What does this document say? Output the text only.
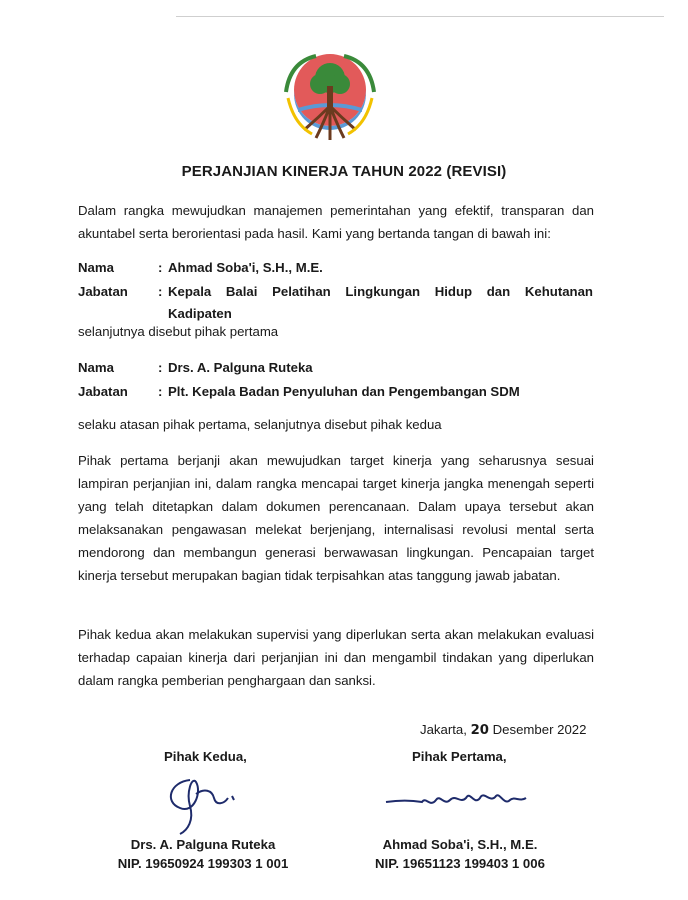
PERJANJIAN KINERJA TAHUN 2022 (REVISI)
Dalam rangka mewujudkan manajemen pemerintahan yang efektif, transparan dan akuntabel serta berorientasi pada hasil. Kami yang bertanda tangan di bawah ini:
Nama	: Ahmad Soba'i, S.H., M.E.
Jabatan	: Kepala Balai Pelatihan Lingkungan Hidup dan Kehutanan Kadipaten
selanjutnya disebut pihak pertama
Nama	: Drs. A. Palguna Ruteka
Jabatan	: Plt. Kepala Badan Penyuluhan dan Pengembangan SDM
selaku atasan pihak pertama, selanjutnya disebut pihak kedua
Pihak pertama berjanji akan mewujudkan target kinerja yang seharusnya sesuai lampiran perjanjian ini, dalam rangka mencapai target kinerja jangka menengah seperti yang telah ditetapkan dalam dokumen perencanaan. Dalam upaya tersebut akan melaksanakan pengawasan melekat berjenjang, internalisasi revolusi mental serta mendorong dan membangun generasi berwawasan lingkungan. Pencapaian target kinerja tersebut merupakan bagian tidak terpisahkan atas tanggung jawab jabatan.
Pihak kedua akan melakukan supervisi yang diperlukan serta akan melakukan evaluasi terhadap capaian kinerja dari perjanjian ini dan mengambil tindakan yang diperlukan dalam rangka pemberian penghargaan dan sanksi.
Jakarta, 20 Desember 2022
Pihak Kedua,	Pihak Pertama,
Drs. A. Palguna Ruteka
NIP. 19650924 199303 1 001
Ahmad Soba'i, S.H., M.E.
NIP. 19651123 199403 1 006
